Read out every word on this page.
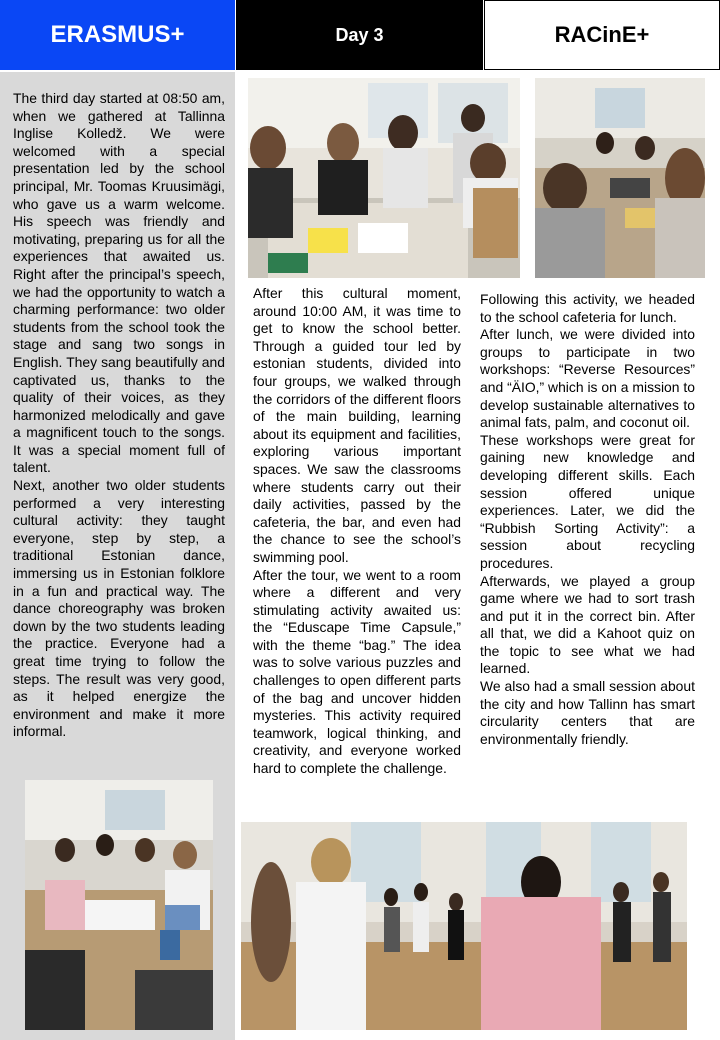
ERASMUS+	Day 3	RACinE+

The third day started at 08:50 am, when we gathered at Tallinna Inglise Kolledž. We were welcomed with a special presentation led by the school principal, Mr. Toomas Kruusimägi, who gave us a warm welcome. His speech was friendly and motivating, preparing us for all the experiences that awaited us. Right after the principal’s speech, we had the opportunity to watch a charming performance: two older students from the school took the stage and sang two songs in English. They sang beautifully and captivated us, thanks to the quality of their voices, as they harmonized melodically and gave a magnificent touch to the songs. It was a special moment full of talent.

Next, another two older students performed a very interesting cultural activity: they taught everyone, step by step, a traditional Estonian dance, immersing us in Estonian folklore in a fun and practical way. The dance choreography was broken down by the two students leading the practice. Everyone had a great time trying to follow the steps. The result was very good, as it helped energize the environment and make it more informal.

After this cultural moment, around 10:00 AM, it was time to get to know the school better. Through a guided tour led by estonian students, divided into four groups, we walked through the corridors of the different floors of the main building, learning about its equipment and facilities, exploring various important spaces. We saw the classrooms where students carry out their daily activities, passed by the cafeteria, the bar, and even had the chance to see the school’s swimming pool.

After the tour, we went to a room where a different and very stimulating activity awaited us: the “Eduscape Time Capsule,” with the theme “bag.” The idea was to solve various puzzles and challenges to open different parts of the bag and uncover hidden mysteries. This activity required teamwork, logical thinking, and creativity, and everyone worked hard to complete the challenge.

Following this activity, we headed to the school cafeteria for lunch.

After lunch, we were divided into groups to participate in two workshops: “Reverse Resources” and “ÄIO,” which is on a mission to develop sustainable alternatives to animal fats, palm, and coconut oil.

These workshops were great for gaining new knowledge and developing different skills. Each session offered unique experiences. Later, we did the “Rubbish Sorting Activity”: a session about recycling procedures.

Afterwards, we played a group game where we had to sort trash and put it in the correct bin. After all that, we did a Kahoot quiz on the topic to see what we had learned.

We also had a small session about the city and how Tallinn has smart circularity centers that are environmentally friendly.
